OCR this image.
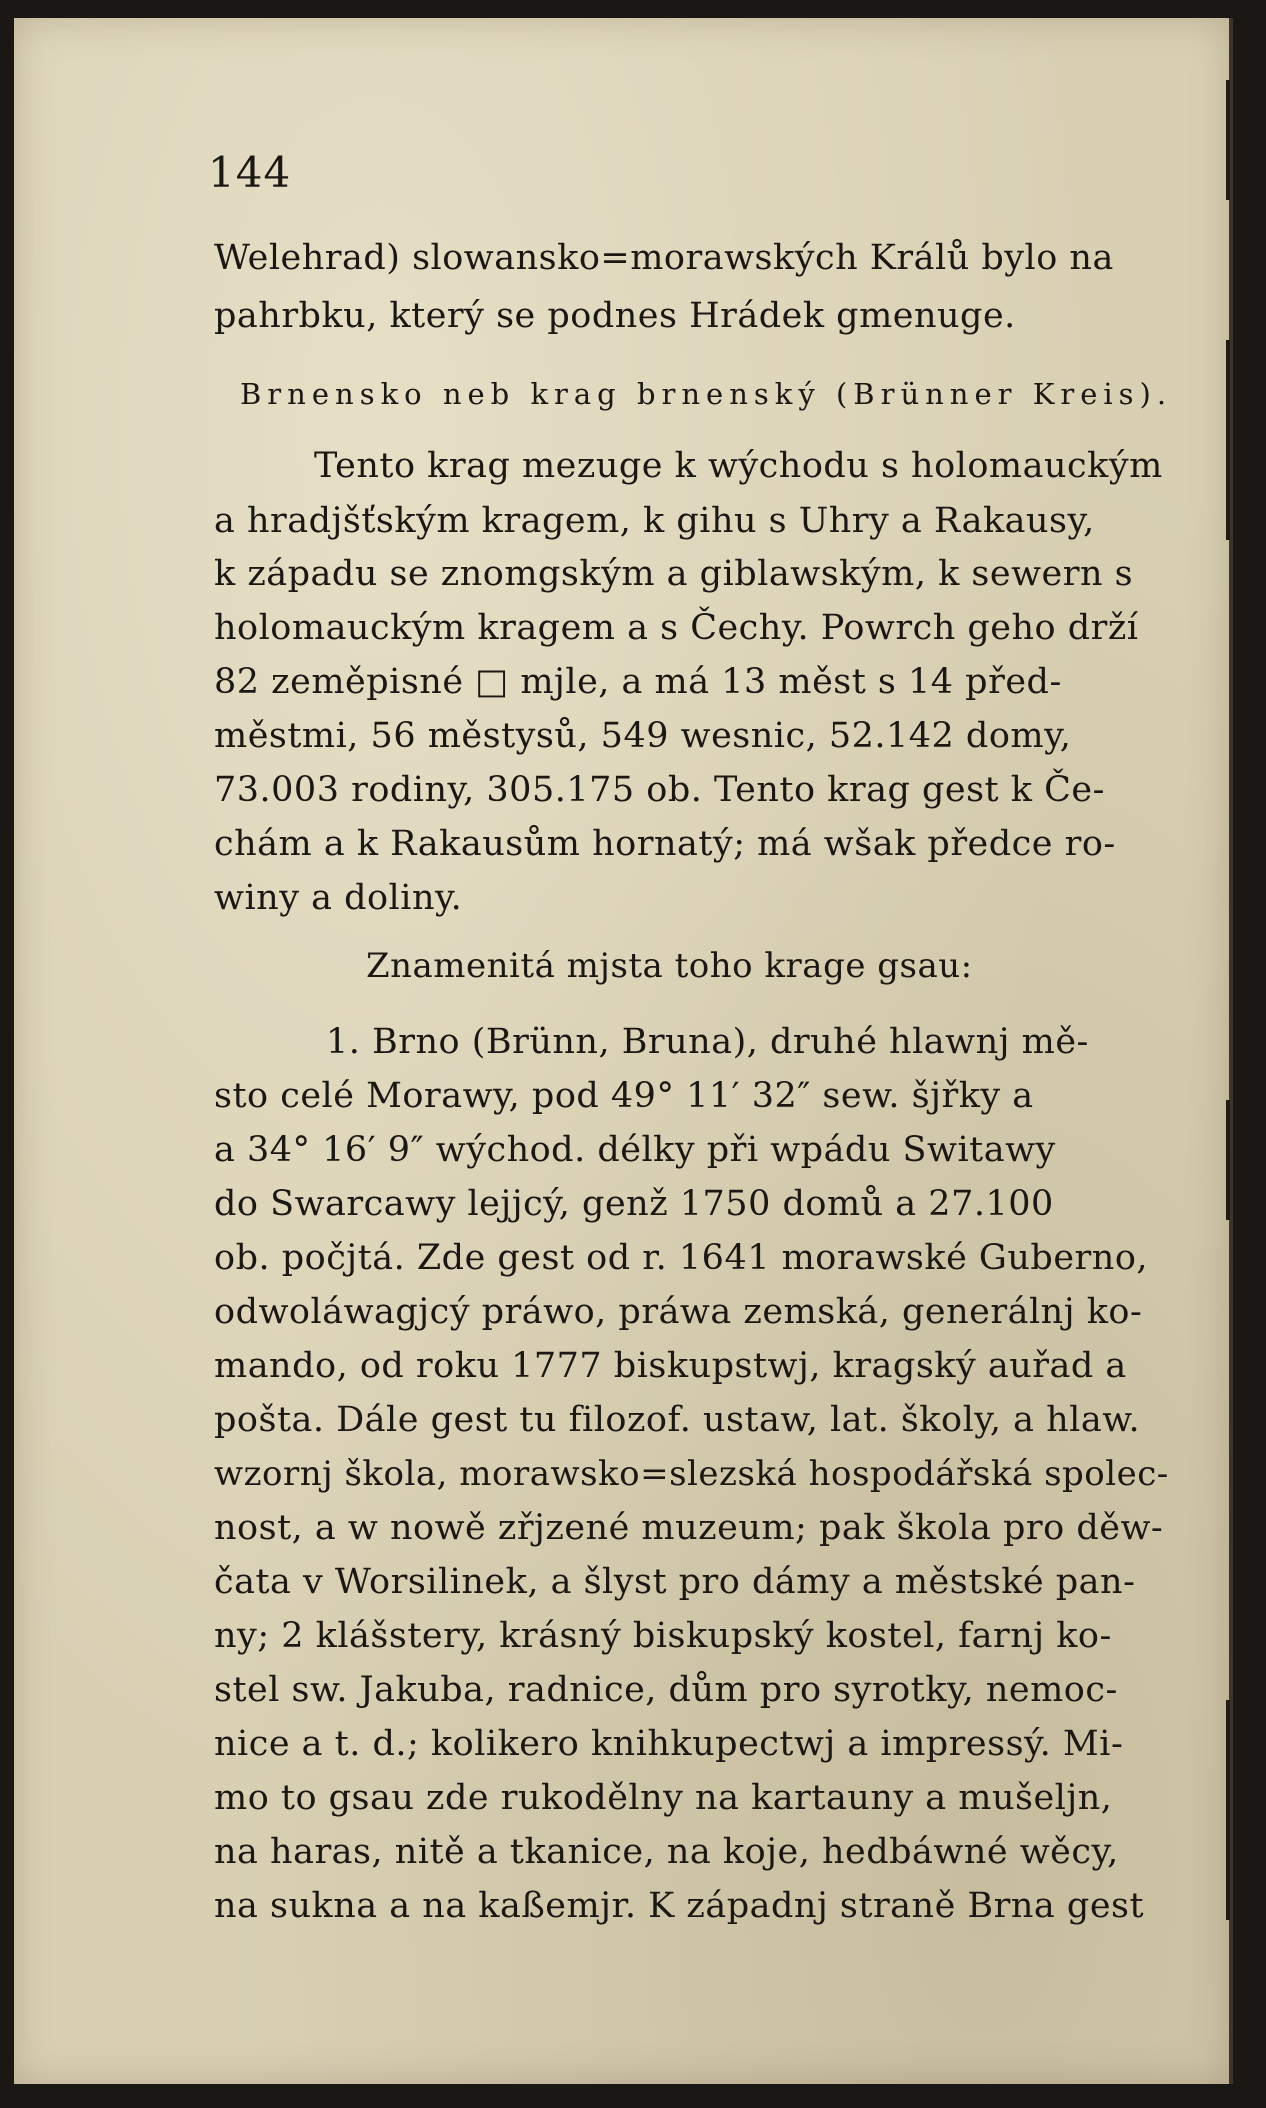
144
Welehrad) slowansko=morawských Králů bylo na
pahrbku, který se podnes Hrádek gmenuge.
Brnensko neb krag brnenský (Brünner Kreis).
Tento krag mezuge k wýchodu s holomauckým
a hradjšťským kragem, k gihu s Uhry a Rakausy,
k západu se znomgským a giblawským, k sewern s
holomauckým kragem a s Čechy. Powrch geho drží
82 zeměpisné □ mjle, a má 13 měst s 14 před-
městmi, 56 městysů, 549 wesnic, 52.142 domy,
73.003 rodiny, 305.175 ob. Tento krag gest k Če-
chám a k Rakausům hornatý; má wšak předce ro-
winy a doliny.
Znamenitá mjsta toho krage gsau:
1. Brno (Brünn, Bruna), druhé hlawnj mě-
sto celé Morawy, pod 49° 11′ 32″ sew. šjřky a
a 34° 16′ 9″ wýchod. délky při wpádu Switawy
do Swarcawy lejjcý, genž 1750 domů a 27.100
ob. počjtá. Zde gest od r. 1641 morawské Guberno,
odwoláwagjcý práwo, práwa zemská, generálnj ko-
mando, od roku 1777 biskupstwj, kragský auřad a
pošta. Dále gest tu filozof. ustaw, lat. školy, a hlaw.
wzornj škola, morawsko=slezská hospodářská spolec-
nost, a w nowě zřjzené muzeum; pak škola pro děw-
čata v Worsilinek, a šlyst pro dámy a městské pan-
ny; 2 klášstery, krásný biskupský kostel, farnj ko-
stel sw. Jakuba, radnice, dům pro syrotky, nemoc-
nice a t. d.; kolikero knihkupectwj a impressý. Mi-
mo to gsau zde rukodělny na kartauny a mušeljn,
na haras, nitě a tkanice, na koje, hedbáwné wěcy,
na sukna a na kaßemjr. K západnj straně Brna gest
